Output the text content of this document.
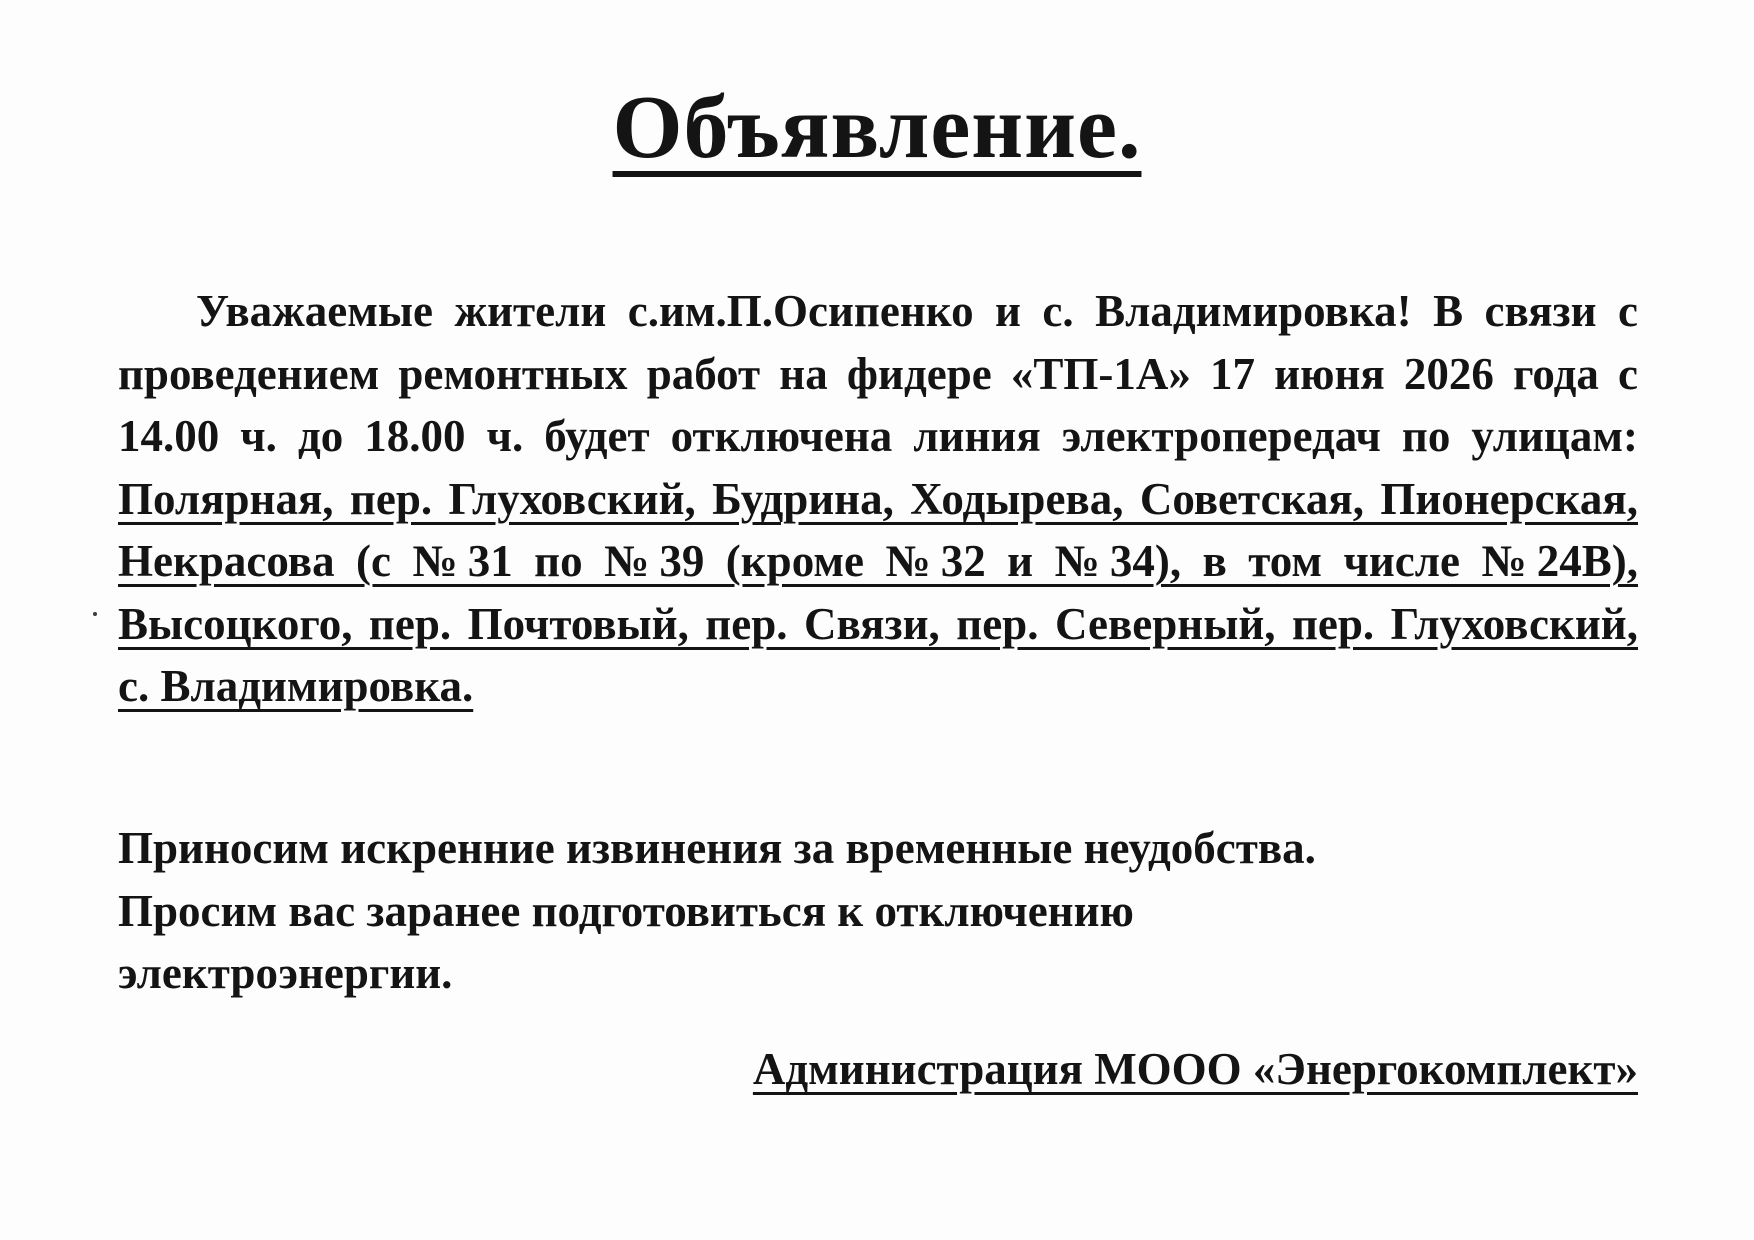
Объявление.

Уважаемые жители с.им.П.Осипенко и с. Владимировка! В связи с проведением ремонтных работ на фидере «ТП-1А» 17 июня 2026 года с 14.00 ч. до 18.00 ч. будет отключена линия электропередач по улицам: Полярная, пер. Глуховский, Будрина, Ходырева, Советская, Пионерская, Некрасова (с №31 по №39 (кроме №32 и №34), в том числе №24В), Высоцкого, пер. Почтовый, пер. Связи, пер. Северный, пер. Глуховский, с. Владимировка.

Приносим искренние извинения за временные неудобства.
Просим вас заранее подготовиться к отключению
электроэнергии.

Администрация МООО «Энергокомплект»
